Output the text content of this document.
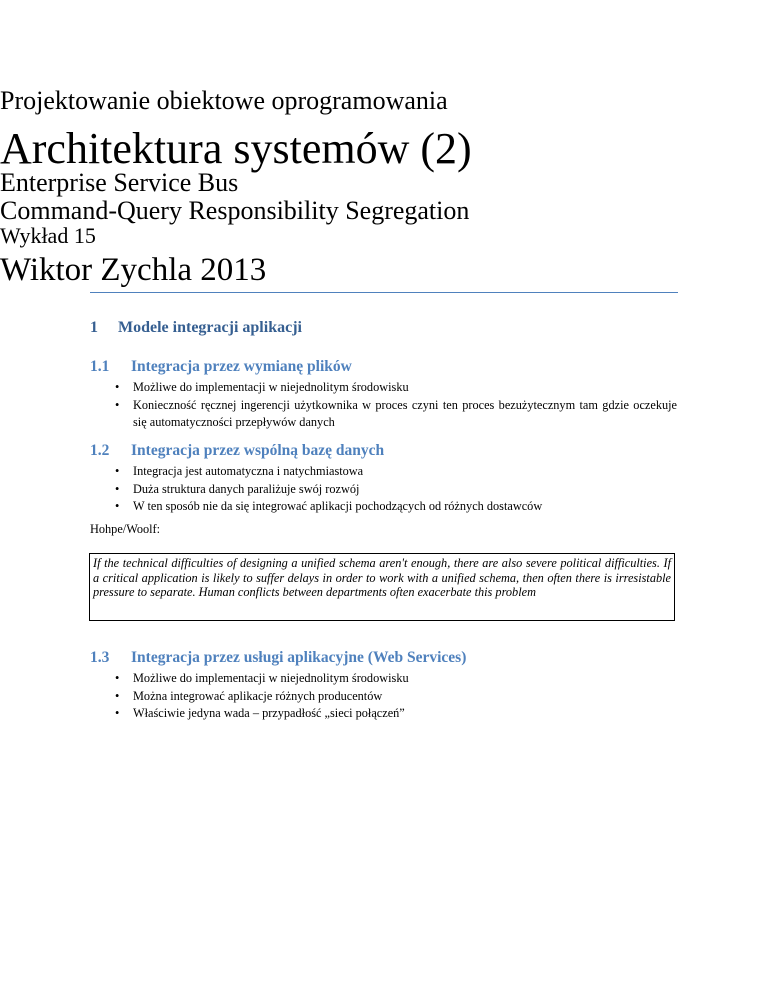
Projektowanie obiektowe oprogramowania
Architektura systemów (2)
Enterprise Service Bus
Command-Query Responsibility Segregation
Wykład 15
Wiktor Zychla 2013
1 Modele integracji aplikacji
1.1 Integracja przez wymianę plików
• Możliwe do implementacji w niejednolitym środowisku
• Konieczność ręcznej ingerencji użytkownika w proces czyni ten proces bezużytecznym tam gdzie oczekuje się automatyczności przepływów danych
1.2 Integracja przez wspólną bazę danych
• Integracja jest automatyczna i natychmiastowa
• Duża struktura danych paraliżuje swój rozwój
• W ten sposób nie da się integrować aplikacji pochodzących od różnych dostawców
Hohpe/Woolf:
If the technical difficulties of designing a unified schema aren't enough, there are also severe political difficulties. If a critical application is likely to suffer delays in order to work with a unified schema, then often there is irresistable pressure to separate. Human conflicts between departments often exacerbate this problem
1.3 Integracja przez usługi aplikacyjne (Web Services)
• Możliwe do implementacji w niejednolitym środowisku
• Można integrować aplikacje różnych producentów
• Właściwie jedyna wada – przypadłość „sieci połączeń”
